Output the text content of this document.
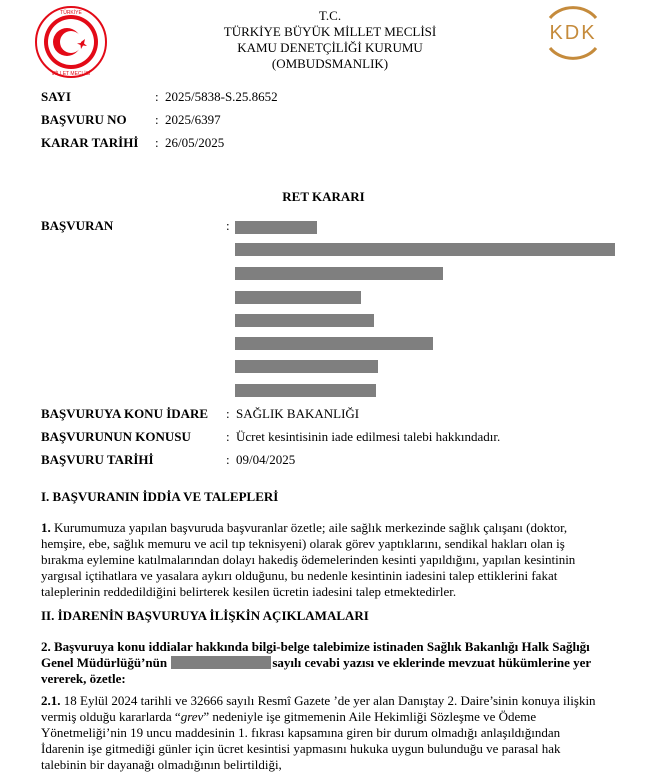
TÜRKİYE
MİLLET MECLİSİ
KDK
T.C.
TÜRKİYE BÜYÜK MİLLET MECLİSİ
KAMU DENETÇİLİĞİ KURUMU
(OMBUDSMANLIK)
SAYI	: 2025/5838-S.25.8652
BAŞVURU NO : 2025/6397
KARAR TARİHİ : 26/05/2025
RET KARARI
BAŞVURAN	:
BAŞVURUYA KONU İDARE : SAĞLIK BAKANLIĞI
BAŞVURUNUN KONUSU	: Ücret kesintisinin iade edilmesi talebi hakkındadır.
BAŞVURU TARİHİ	: 09/04/2025
I. BAŞVURANIN İDDİA VE TALEPLERİ
1. Kurumumuza yapılan başvuruda başvuranlar özetle; aile sağlık merkezinde sağlık çalışanı (doktor,
hemşire, ebe, sağlık memuru ve acil tıp teknisyeni) olarak görev yaptıklarını, sendikal hakları olan iş
bırakma eylemine katılmalarından dolayı hakediş ödemelerinden kesinti yapıldığını, yapılan kesintinin
yargısal içtihatlara ve yasalara aykırı olduğunu, bu nedenle kesintinin iadesini talep ettiklerini fakat
taleplerinin reddedildiğini belirterek kesilen ücretin iadesini talep etmektedirler.
II. İDARENİN BAŞVURUYA İLİŞKİN AÇIKLAMALARI
2. Başvuruya konu iddialar hakkında bilgi-belge talebimize istinaden Sağlık Bakanlığı Halk Sağlığı
Genel Müdürlüğü’nün	sayılı cevabi yazısı ve eklerinde mevzuat hükümlerine yer
vererek, özetle:
2.1. 18 Eylül 2024 tarihli ve 32666 sayılı Resmî Gazete ’de yer alan Danıştay 2. Daire’sinin konuya ilişkin
vermiş olduğu kararlarda “grev” nedeniyle işe gitmemenin Aile Hekimliği Sözleşme ve Ödeme
Yönetmeliği’nin 19 uncu maddesinin 1. fıkrası kapsamına giren bir durum olmadığı anlaşıldığından
İdarenin işe gitmediği günler için ücret kesintisi yapmasını hukuka uygun bulunduğu ve parasal hak
talebinin bir dayanağı olmadığının belirtildiği,
